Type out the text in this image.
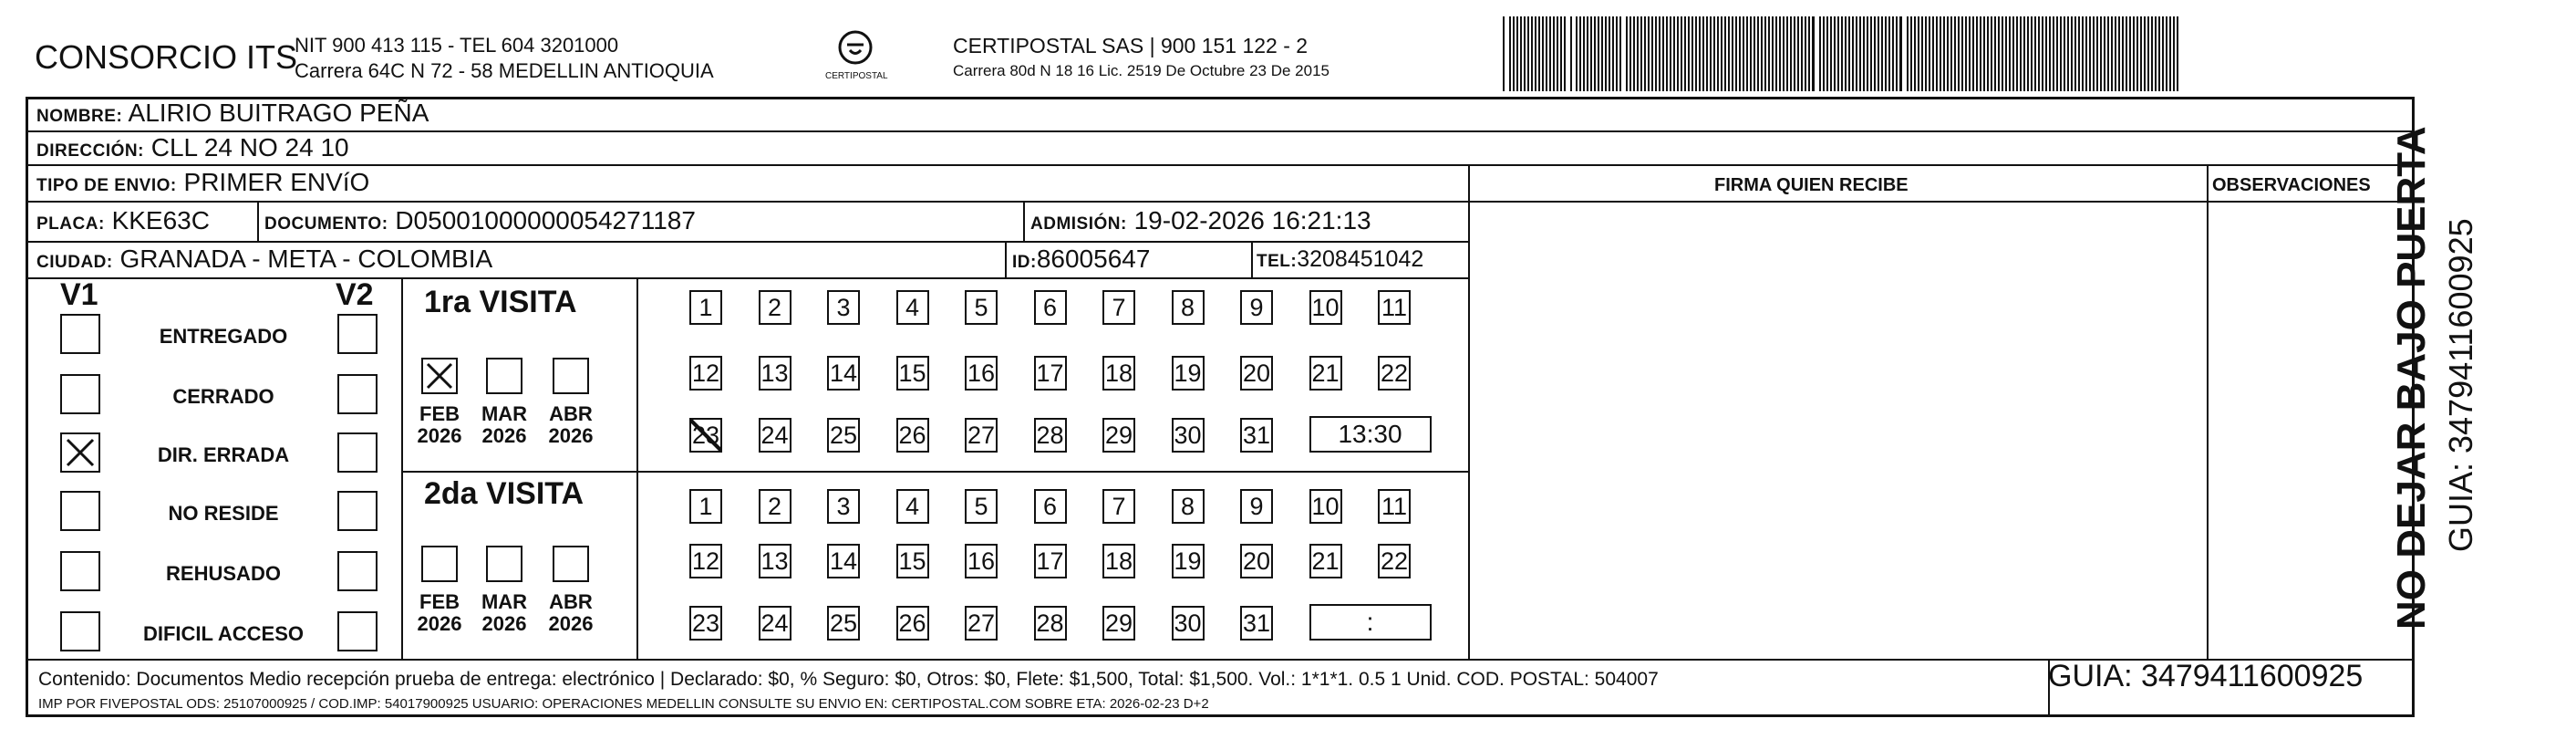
CONSORCIO ITS
NIT 900 413 115 - TEL 604 3201000
Carrera 64C N 72 - 58 MEDELLIN ANTIOQUIA	CERTIPOSTAL
CERTIPOSTAL SAS | 900 151 122 - 2
Carrera 80d N 18 16 Lic. 2519 De Octubre 23 De 2015
NOMBRE: ALIRIO BUITRAGO PEÑA
DIRECCIÓN: CLL 24 NO 24 10
TIPO DE ENVIO: PRIMER ENVíO
PLACA: KKE63C	DOCUMENTO: D05001000000054271187	ADMISIÓN: 19-02-2026 16:21:13
CIUDAD: GRANADA - META - COLOMBIA	ID:86005647	TEL:3208451042
FIRMA QUIEN RECIBE	OBSERVACIONES
V1	V2 1ra VISITA
2da VISITA
Contenido: Documentos Medio recepción prueba de entrega: electrónico | Declarado: $0, % Seguro: $0, Otros: $0, Flete: $1,500, Total: $1,500. Vol.: 1*1*1. 0.5 1 Unid. COD. POSTAL: 504007
IMP POR FIVEPOSTAL ODS: 25107000925 / COD.IMP: 54017900925 USUARIO: OPERACIONES MEDELLIN CONSULTE SU ENVIO EN: CERTIPOSTAL.COM SOBRE ETA: 2026-02-23 D+2
GUIA: 3479411600925
NO DEJAR BAJO PUERTA GUIA: 3479411600925
ENTREGADO
CERRADO
DIR. ERRADA
NO RESIDE
REHUSADO
DIFICIL ACCESO
1	2	3	4	5	6	7	8	9	10 11
12 13 14 15 16 17 18 19 20 21 22
23 24 25 26 27 28 29 30 31	13:30
FEB
2026
MAR
2026
ABR
2026
1	2	3	4	5	6	7	8	9	10 11
12 13 14 15 16 17 18 19 20 21 22
23 24 25 26 27 28 29 30 31	:
FEB
2026
MAR
2026
ABR
2026
